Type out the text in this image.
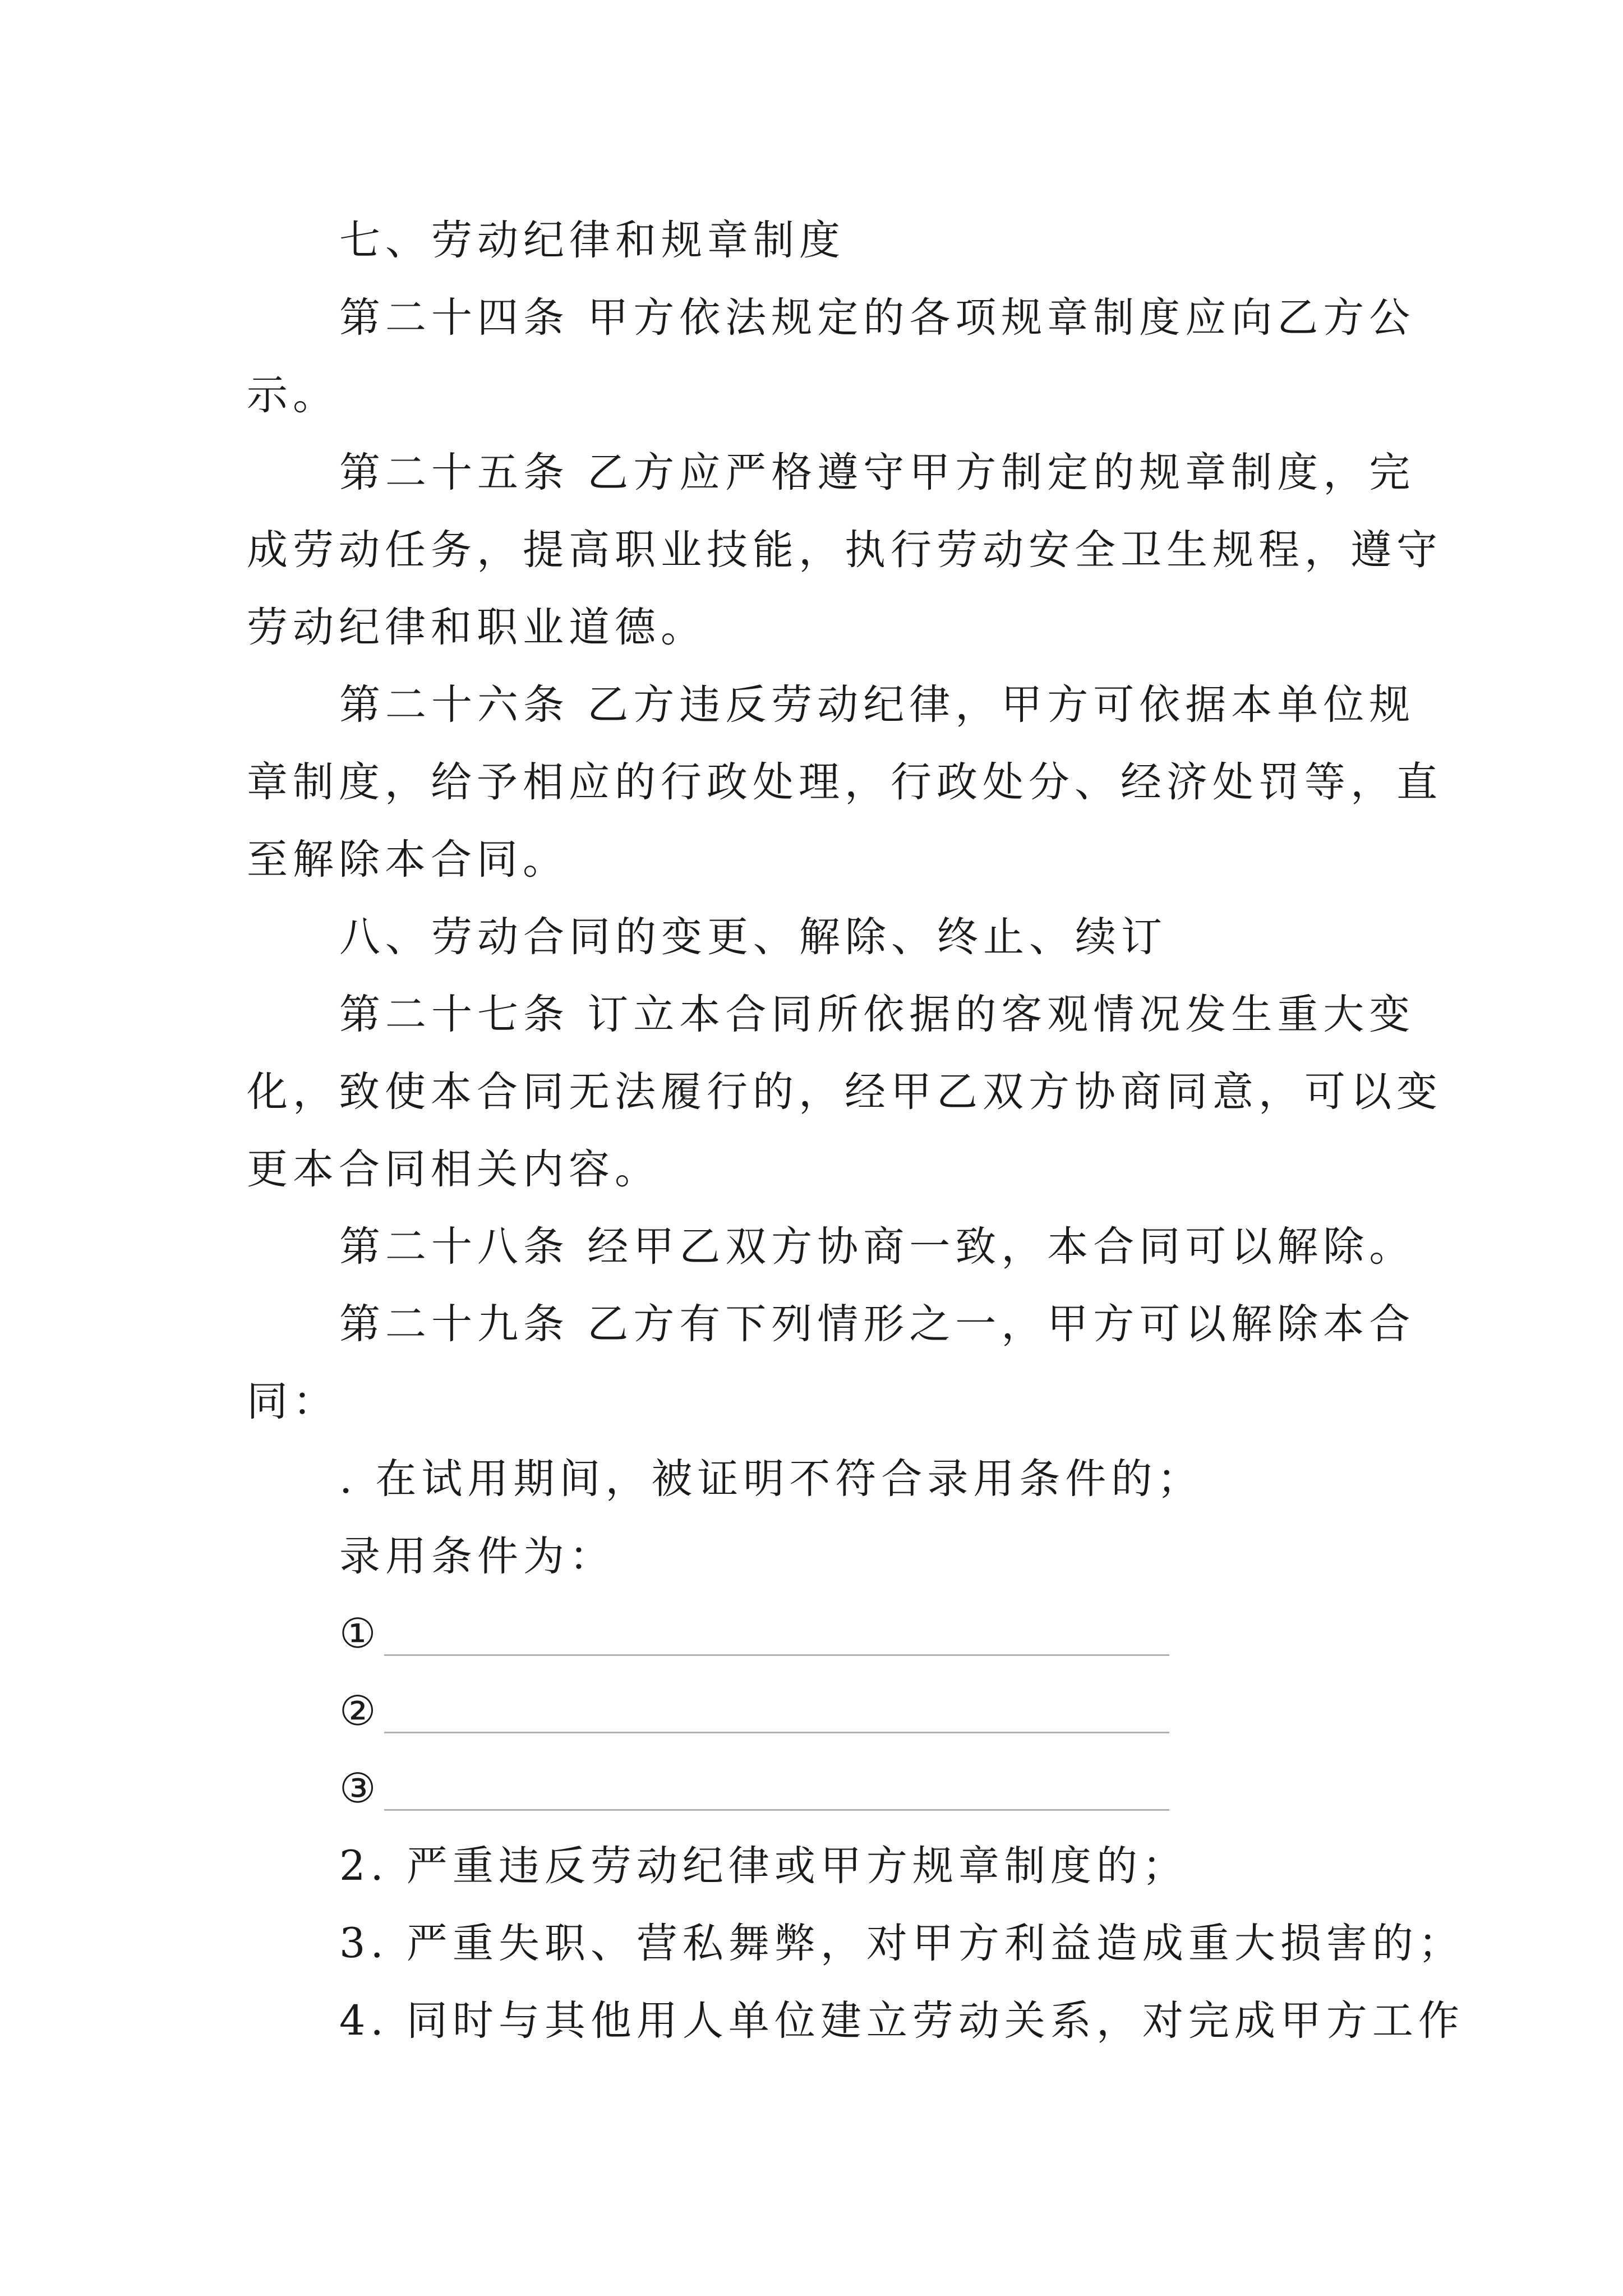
七、劳动纪律和规章制度
第二十四条 甲方依法规定的各项规章制度应向乙方公
示。
第二十五条 乙方应严格遵守甲方制定的规章制度，完
成劳动任务，提高职业技能，执行劳动安全卫生规程，遵守
劳动纪律和职业道德。
第二十六条 乙方违反劳动纪律，甲方可依据本单位规
章制度，给予相应的行政处理，行政处分、经济处罚等，直
至解除本合同。
八、劳动合同的变更、解除、终止、续订
第二十七条 订立本合同所依据的客观情况发生重大变
化，致使本合同无法履行的，经甲乙双方协商同意，可以变
更本合同相关内容。
第二十八条 经甲乙双方协商一致，本合同可以解除。
第二十九条 乙方有下列情形之一，甲方可以解除本合
同：
. 在试用期间，被证明不符合录用条件的；
录用条件为：
①
②
③
2. 严重违反劳动纪律或甲方规章制度的；
3. 严重失职、营私舞弊，对甲方利益造成重大损害的；
4. 同时与其他用人单位建立劳动关系，对完成甲方工作
